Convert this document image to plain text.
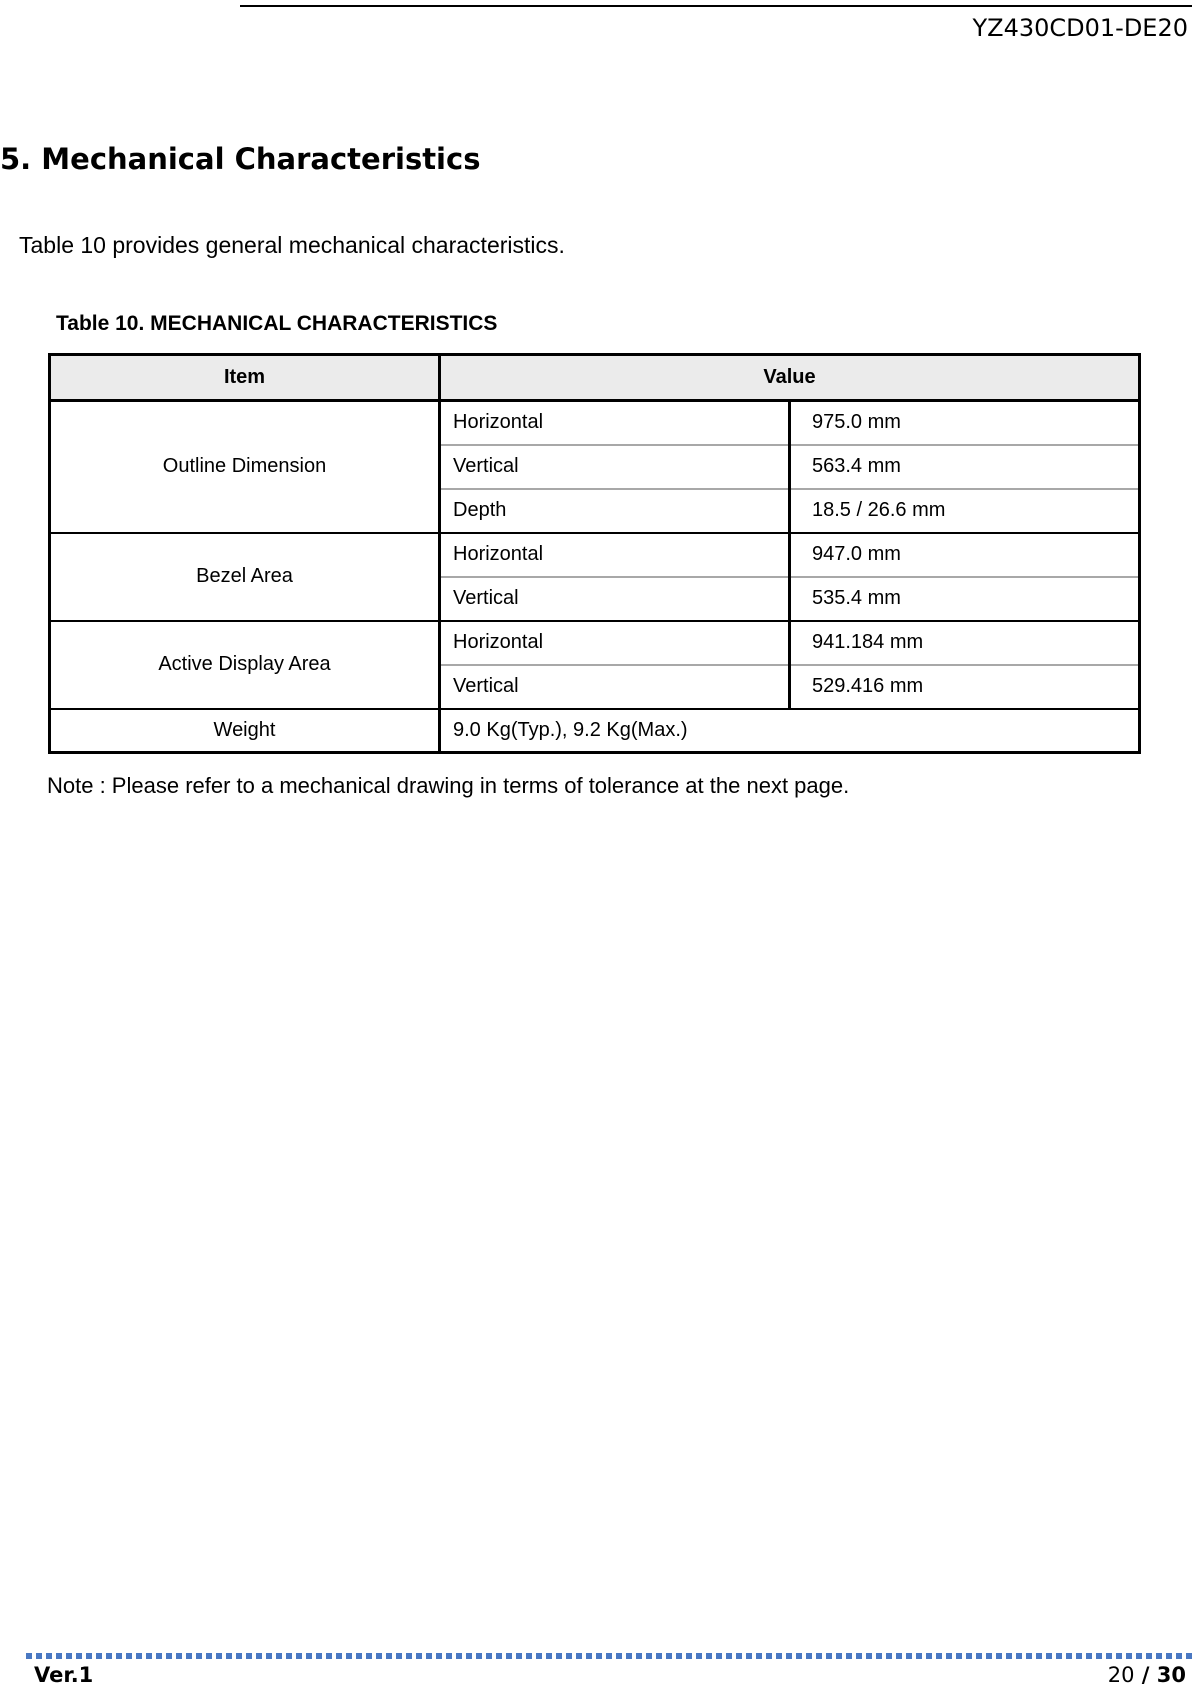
YZ430CD01-DE20
5. Mechanical Characteristics
Table 10 provides general mechanical characteristics.
Table 10. MECHANICAL CHARACTERISTICS
Item	Value	
Outline Dimension	Horizontal	975.0 mm
	Vertical	563.4 mm
	Depth	18.5 / 26.6 mm
Bezel Area	Horizontal	947.0 mm
	Vertical	535.4 mm
Active Display Area	Horizontal	941.184 mm
	Vertical	529.416 mm
Weight	9.0 Kg(Typ.), 9.2 Kg(Max.)	
Note : Please refer to a mechanical drawing in terms of tolerance at the next page.
Ver.1	20 / 30
